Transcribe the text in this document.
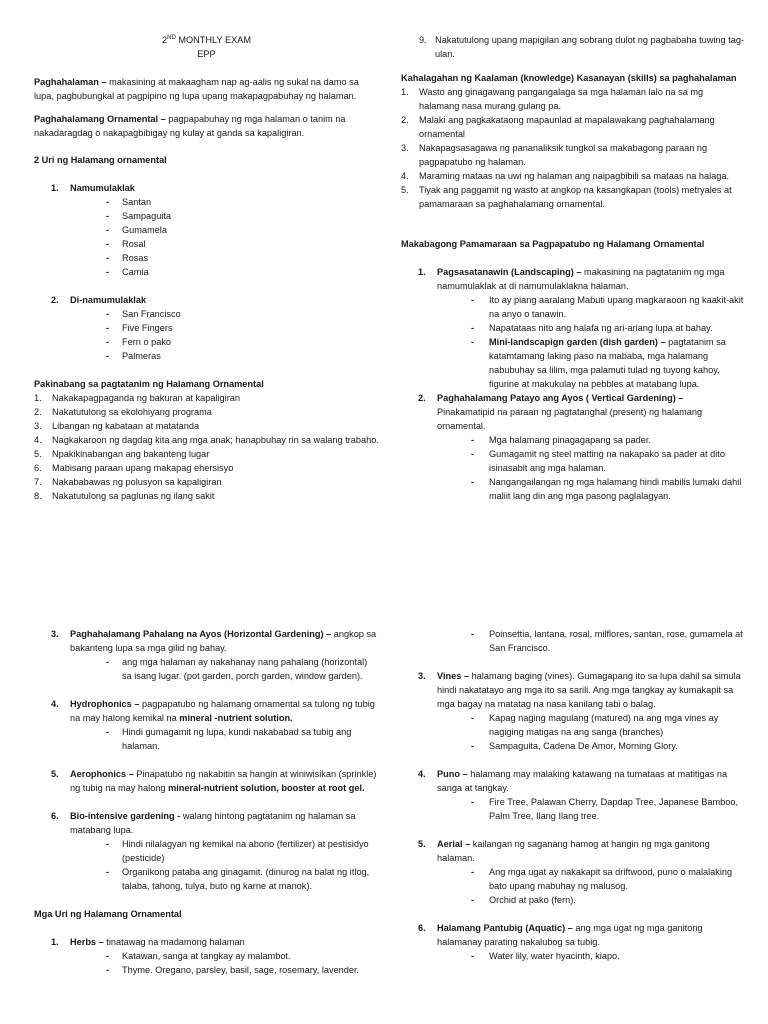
2ND MONTHLY EXAM
EPP

Paghahalaman – makasining at makaagham nap ag-aalis ng sukal na damo sa lupa, pagbubungkal at pagpipino ng lupa upang makapagpabuhay ng halaman.

Paghahalamang Ornamental – pagpapabuhay ng mga halaman o tanim na nakadaragdag o nakapagbibigay ng kulay at ganda sa kapaligiran.

2 Uri ng Halamang ornamental
1. Namumulaklak
- Santan
- Sampaguita
- Gumamela
- Rosal
- Rosas
- Camia
2. Di-namumulaklak
- San Francisco
- Five Fingers
- Fern o pako
- Palmeras
Pakinabang sa pagtatanim ng Halamang Ornamental
1. Nakakapagpaganda ng bakuran at kapaligiran
2. Nakatutulong sa ekolohiyang programa
3. Libangan ng kabataan at matatanda
4. Nagkakaroon ng dagdag kita ang mga anak; hanapbuhay rin sa walang trabaho.
5. Npakikinabangan ang bakanteng lugar
6. Mabisang paraan upang makapag ehersisyo
7. Nakababawas ng polusyon sa kapaligiran
8. Nakatutulong sa paglunas ng ilang sakit
9. Nakatutulong upang mapigilan ang sobrang dulot ng pagbabaha tuwing tag-ulan.
Kahalagahan ng Kaalaman (knowledge) Kasanayan (skills) sa paghahalaman
1. Wasto ang ginagawang pangangalaga sa mga halaman lalo na sa mg halamang nasa murang gulang pa.
2. Malaki ang pagkakataong mapaunlad at mapalawakang paghahalamang ornamental
3. Nakapagsasagawa ng pananaliksik tungkol sa makabagong paraan ng pagpapatubo ng halaman.
4. Maraming mataas na uwi ng halaman ang naipagbibili sa mataas na halaga.
5. Tiyak ang paggamit ng wasto at angkop na kasangkapan (tools) metryales at pamamaraan sa paghahalamang ornamental.
Makabagong Pamamaraan sa Pagpapatubo ng Halamang Ornamental
1. Pagsasatanawin (Landscaping) – makasining na pagtatanim ng mga namumulaklak at di namumulaklakna halaman.
- Ito ay piang aaralang Mabuti upang magkaraoon ng kaakit-akit na anyo o tanawin.
- Napatataas nito ang halafa ng ari-ariang lupa at bahay.
- Mini-landscapign garden (dish garden) – pagtatanim sa katamtamang laking paso na mababa, mga halamang nabubuhay sa lilim, mga palamuti tulad ng tuyong kahoy, figurine at makukulay na pebbles at matabang lupa.
2. Paghahalamang Patayo ang Ayos ( Vertical Gardening) –
Pinakamatipid na paraan ng pagtatanghal (present) ng halamang ornamental.
- Mga halamang pinagagapang sa pader.
- Gumagamit ng steel matting na nakapako sa pader at dito isinasabit ang mga halaman.
- Nangangailangan ng mga halamang hindi mabilis lumaki dahil maliit lang din ang mga pasong paglalagyan.
3. Paghahalamang Pahalang na Ayos (Horizontal Gardening) – angkop sa bakanteng lupa sa mga gilid ng bahay.
- ang mga halaman ay nakahanay nang pahalang (horizontal) sa isang lugar. (pot garden, porch garden, window garden).
4. Hydrophonics – pagpapatubo ng halamang ornamental sa tulong ng tubig na may halong kemikal na mineral -nutrient solution.
- Hindi gumagamit ng lupa, kundi nakababad sa tubig ang halaman.
5. Aerophonics – Pinapatubo ng nakabitin sa hangin at winiwisikan (sprinkle) ng tubig na may halong mineral-nutrient solution, booster at root gel.
6. Bio-intensive gardening - walang hintong pagtatanim ng halaman sa matabang lupa.
- Hindi nilalagyan ng kemikal na abono (fertilizer) at pestisidyo (pesticide)
- Organikong pataba ang ginagamit. (dinurog na balat ng itlog, talaba, tahong, tulya, buto ng karne at manok).
Mga Uri ng Halamang Ornamental
1. Herbs – tinatawag na madamong halaman
- Katawan, sanga at tangkay ay malambot.
- Thyme. Oregano, parsley, basil, sage, rosemary, lavender.
- Poinsettia, lantana, rosal, milflores, santan, rose, gumamela at San Francisco.
3. Vines – halamang baging (vines). Gumagapang ito sa lupa dahil sa simula hindi nakatatayo ang mga ito sa sarili. Ang mga tangkay ay kumakapit sa mga bagay na matatag na nasa kanilang tabi o balag.
- Kapag naging magulang (matured) na ang mga vines ay nagiging matigas na ang sanga (branches)
- Sampaguita, Cadena De Amor, Morning Glory.
4. Puno – halamang may malaking katawang na tumataas at matitigas na sanga at tangkay.
- Fire Tree, Palawan Cherry, Dapdap Tree, Japanese Bamboo, Palm Tree, Ilang Ilang tree.
5. Aerial – kailangan ng saganang hamog at hangin ng mga ganitong halaman.
- Ang mga ugat ay nakakapit sa driftwood, puno o malalaking bato upang mabuhay ng malusog.
- Orchid at pako (fern).
6. Halamang Pantubig (Aquatic) – ang mga ugat ng mga ganitong halamanay parating nakalubog sa tubig.
- Water lily, water hyacinth, kiapo.
